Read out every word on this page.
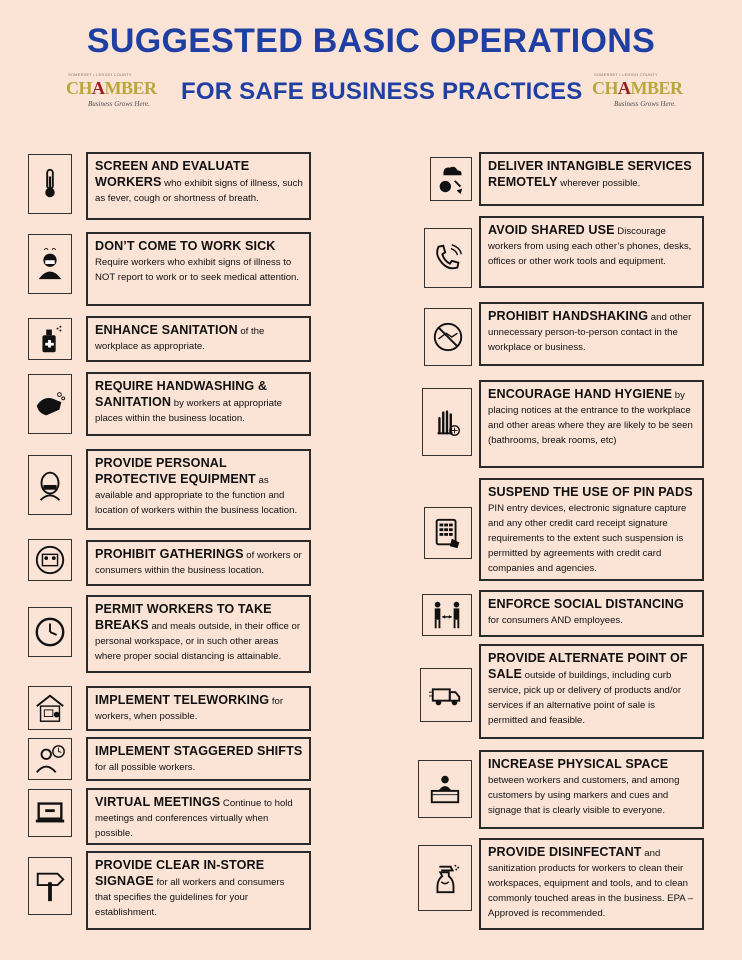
SUGGESTED BASIC OPERATIONS
FOR SAFE BUSINESS PRACTICES
SOMERSET • LEHIGH COUNTY
CHAMBER
Business Grows Here.
SOMERSET • LEHIGH COUNTY
CHAMBER
Business Grows Here.
SCREEN AND EVALUATE WORKERS who exhibit signs of illness, such as fever, cough or shortness of breath.
DON’T COME TO WORK SICK
Require workers who exhibit signs of illness to NOT report to work or to seek medical attention.
ENHANCE SANITATION of the workplace as appropriate.
REQUIRE HANDWASHING & SANITATION by workers at appropriate places within the business location.
PROVIDE PERSONAL PROTECTIVE EQUIPMENT as available and appropriate to the function and location of workers within the business location.
PROHIBIT GATHERINGS of workers or consumers within the business location.
PERMIT WORKERS TO TAKE BREAKS and meals outside, in their office or personal workspace, or in such other areas where proper social distancing is attainable.
IMPLEMENT TELEWORKING for workers, when possible.
IMPLEMENT STAGGERED SHIFTS
for all possible workers.
VIRTUAL MEETINGS Continue to hold meetings and conferences virtually when possible.
PROVIDE CLEAR IN-STORE SIGNAGE for all workers and consumers that specifies the guidelines for your establishment.
DELIVER INTANGIBLE SERVICES REMOTELY wherever possible.
AVOID SHARED USE Discourage workers from using each other’s phones, desks, offices or other work tools and equipment.
PROHIBIT HANDSHAKING and other unnecessary person-to-person contact in the workplace or business.
ENCOURAGE HAND HYGIENE by placing notices at the entrance to the workplace and other areas where they are likely to be seen (bathrooms, break rooms, etc)
SUSPEND THE USE OF PIN PADS
PIN entry devices, electronic signature capture and any other credit card receipt signature requirements to the extent such suspension is permitted by agreements with credit card companies and agencies.
ENFORCE SOCIAL DISTANCING for consumers AND employees.
PROVIDE ALTERNATE POINT OF SALE outside of buildings, including curb service, pick up or delivery of products and/or services if an alternative point of sale is permitted and feasible.
INCREASE PHYSICAL SPACE between workers and customers, and among customers by using markers and cues and signage that is clearly visible to everyone.
PROVIDE DISINFECTANT and sanitization products for workers to clean their workspaces, equipment and tools, and to clean commonly touched areas in the business. EPA – Approved is recommended.
